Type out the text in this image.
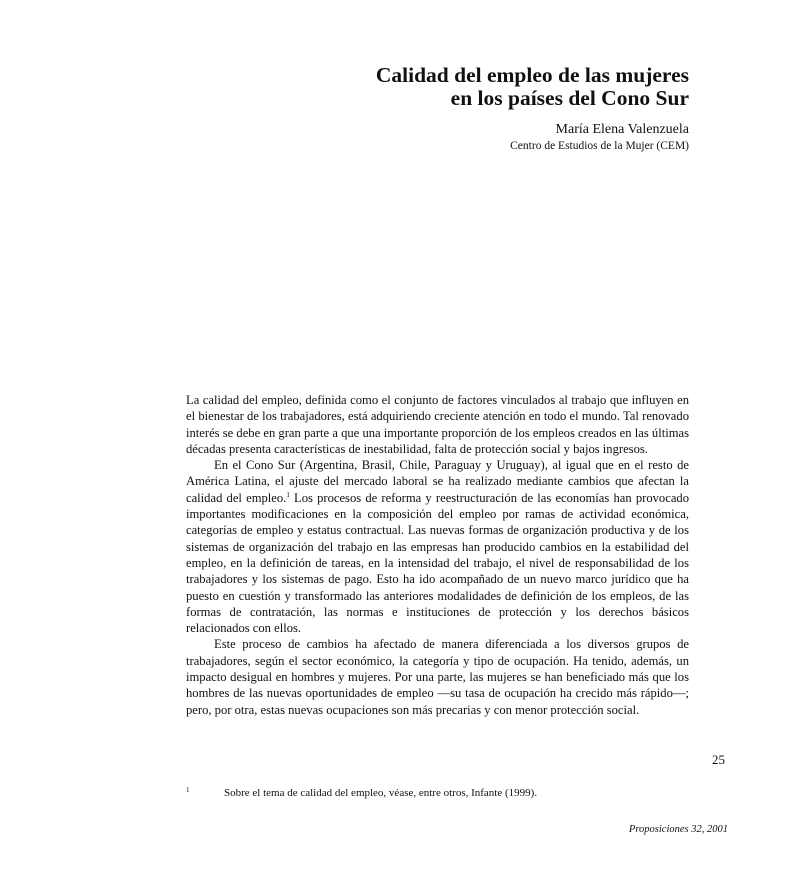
Calidad del empleo de las mujeres
en los países del Cono Sur
María Elena Valenzuela
Centro de Estudios de la Mujer (CEM)

La calidad del empleo, definida como el conjunto de factores vinculados al trabajo que influyen en el bienestar de los trabajadores, está adquiriendo creciente atención en todo el mundo. Tal renovado interés se debe en gran parte a que una importante proporción de los empleos creados en las últimas décadas presenta características de inestabilidad, falta de protección social y bajos ingresos.

En el Cono Sur (Argentina, Brasil, Chile, Paraguay y Uruguay), al igual que en el resto de América Latina, el ajuste del mercado laboral se ha realizado mediante cambios que afectan la calidad del empleo.$^1$ Los procesos de reforma y reestructuración de las economías han provocado importantes modificaciones en la composición del empleo por ramas de actividad económica, categorías de empleo y estatus contractual. Las nuevas formas de organización productiva y de los sistemas de organización del trabajo en las empresas han producido cambios en la estabilidad del empleo, en la definición de tareas, en la intensidad del trabajo, el nivel de responsabilidad de los trabajadores y los sistemas de pago. Esto ha ido acompañado de un nuevo marco jurídico que ha puesto en cuestión y transformado las anteriores modalidades de definición de los empleos, de las formas de contratación, las normas e instituciones de protección y los derechos básicos relacionados con ellos.

Este proceso de cambios ha afectado de manera diferenciada a los diversos grupos de trabajadores, según el sector económico, la categoría y tipo de ocupación. Ha tenido, además, un impacto desigual en hombres y mujeres. Por una parte, las mujeres se han beneficiado más que los hombres de las nuevas oportunidades de empleo —su tasa de ocupación ha crecido más rápido—; pero, por otra, estas nuevas ocupaciones son más precarias y con menor protección social.

25
1	Sobre el tema de calidad del empleo, véase, entre otros, Infante (1999).
Proposiciones 32, 2001
